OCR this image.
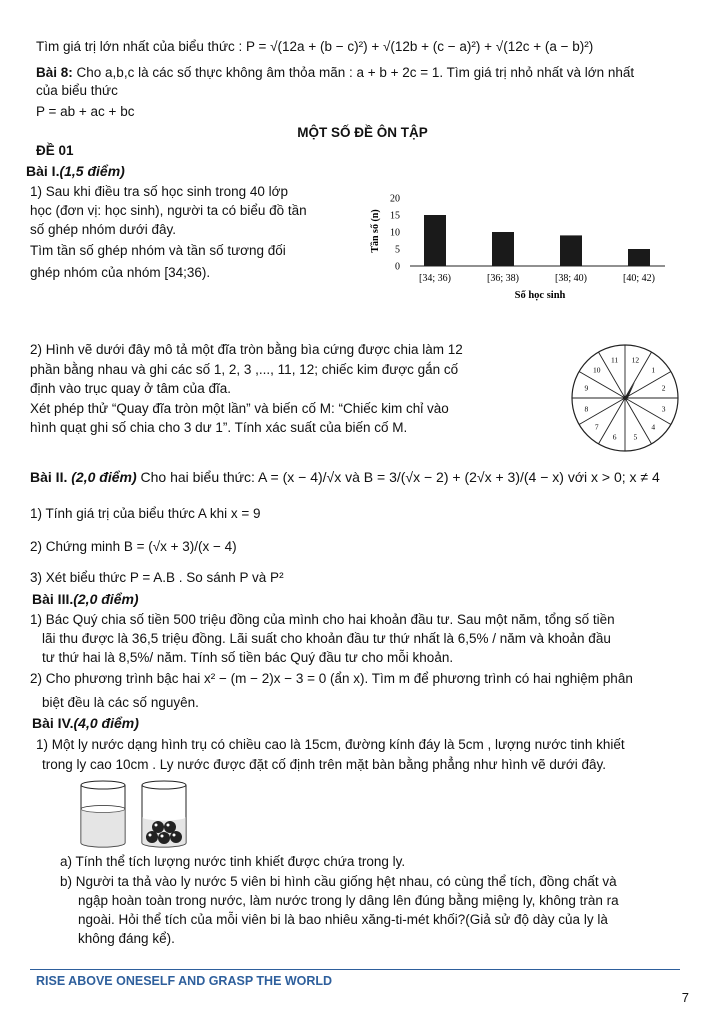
Tìm giá trị lớn nhất của biểu thức : P = √(12a + (b − c)²) + √(12b + (c − a)²) + √(12c + (a − b)²)
Bài 8: Cho a,b,c là các số thực không âm thỏa mãn : a + b + 2c = 1. Tìm giá trị nhỏ nhất và lớn nhất
của biểu thức
P = ab + ac + bc
MỘT SỐ ĐỀ ÔN TẬP
ĐỀ 01
Bài I.(1,5 điểm)
1) Sau khi điều tra số học sinh trong 40 lớp
học (đơn vị: học sinh), người ta có biểu đồ tần
số ghép nhóm dưới đây.
Tìm tần số ghép nhóm và tần số tương đối
ghép nhóm của nhóm [34;36).
Tần số (n)
0
5
10
15
20
[34; 36)	[36; 38)	[38; 40)	[40; 42)
Số học sinh
2) Hình vẽ dưới đây mô tả một đĩa tròn bằng bìa cứng được chia làm 12
phần bằng nhau và ghi các số 1, 2, 3 ,..., 11, 12; chiếc kim được gắn cố
định vào trục quay ở tâm của đĩa.
Xét phép thử “Quay đĩa tròn một lần” và biến cố M: “Chiếc kim chỉ vào
hình quạt ghi số chia cho 3 dư 1”. Tính xác suất của biến cố M.
12
1
2
3
4
5
6
7
8
9
10
11
Bài II. (2,0 điểm) Cho hai biểu thức: A = (x − 4)/√x và B = 3/(√x − 2) + (2√x + 3)/(4 − x) với x > 0; x ≠ 4
1) Tính giá trị của biểu thức A khi x = 9
2) Chứng minh B = (√x + 3)/(x − 4)
3) Xét biểu thức P = A.B . So sánh P và P²
Bài III.(2,0 điểm)
1) Bác Quý chia số tiền 500 triệu đồng của mình cho hai khoản đầu tư. Sau một năm, tổng số tiền
lãi thu được là 36,5 triệu đồng. Lãi suất cho khoản đầu tư thứ nhất là 6,5% / năm và khoản đầu
tư thứ hai là 8,5%/ năm. Tính số tiền bác Quý đầu tư cho mỗi khoản.
2) Cho phương trình bậc hai x² − (m − 2)x − 3 = 0 (ẩn x). Tìm m để phương trình có hai nghiệm phân
biệt đều là các số nguyên.
Bài IV.(4,0 điểm)
1) Một ly nước dạng hình trụ có chiều cao là 15cm, đường kính đáy là 5cm , lượng nước tinh khiết
trong ly cao 10cm . Ly nước được đặt cố định trên mặt bàn bằng phẳng như hình vẽ dưới đây.
a) Tính thể tích lượng nước tinh khiết được chứa trong ly.
b) Người ta thả vào ly nước 5 viên bi hình cầu giống hệt nhau, có cùng thể tích, đồng chất và
ngập hoàn toàn trong nước, làm nước trong ly dâng lên đúng bằng miệng ly, không tràn ra
ngoài. Hỏi thể tích của mỗi viên bi là bao nhiêu xăng-ti-mét khối?(Giả sử độ dày của ly là
không đáng kể).
RISE ABOVE ONESELF AND GRASP THE WORLD
7
